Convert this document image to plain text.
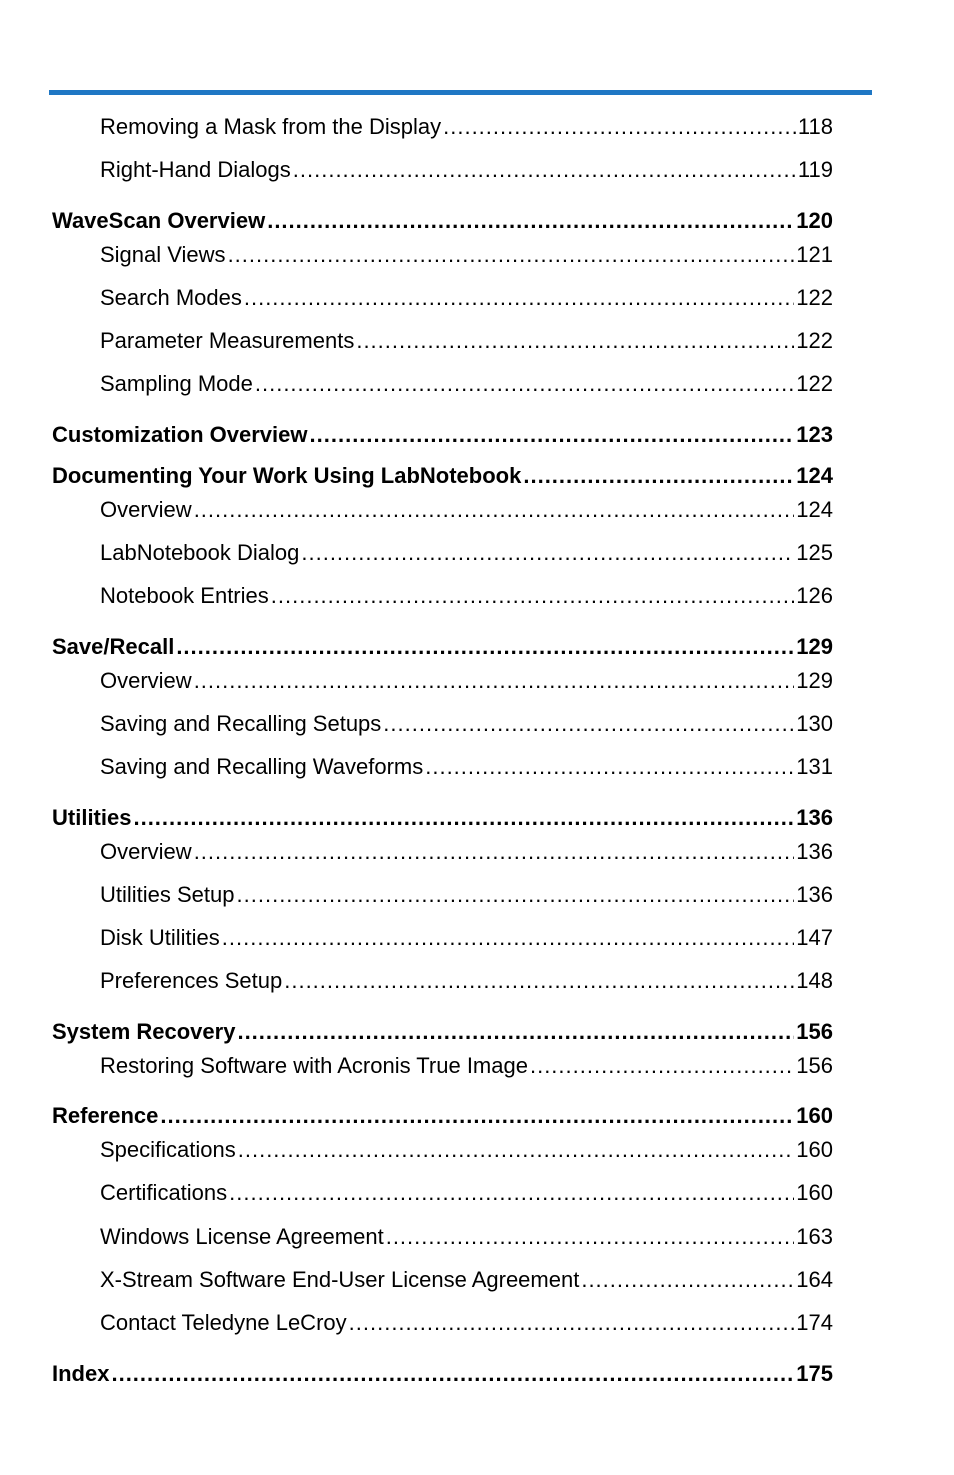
Removing a Mask from the Display .....	118
Right-Hand Dialogs .....	119
WaveScan Overview .....	120
Signal Views .....	121
Search Modes .....	122
Parameter Measurements .....	122
Sampling Mode .....	122
Customization Overview .....	123
Documenting Your Work Using LabNotebook .....	124
Overview .....	124
LabNotebook Dialog .....	125
Notebook Entries .....	126
Save/Recall .....	129
Overview .....	129
Saving and Recalling Setups .....	130
Saving and Recalling Waveforms .....	131
Utilities .....	136
Overview .....	136
Utilities Setup .....	136
Disk Utilities .....	147
Preferences Setup .....	148
System Recovery .....	156
Restoring Software with Acronis True Image .....	156
Reference .....	160
Specifications .....	160
Certifications .....	160
Windows License Agreement .....	163
X-Stream Software End-User License Agreement .....	164
Contact Teledyne LeCroy .....	174
Index .....	175
